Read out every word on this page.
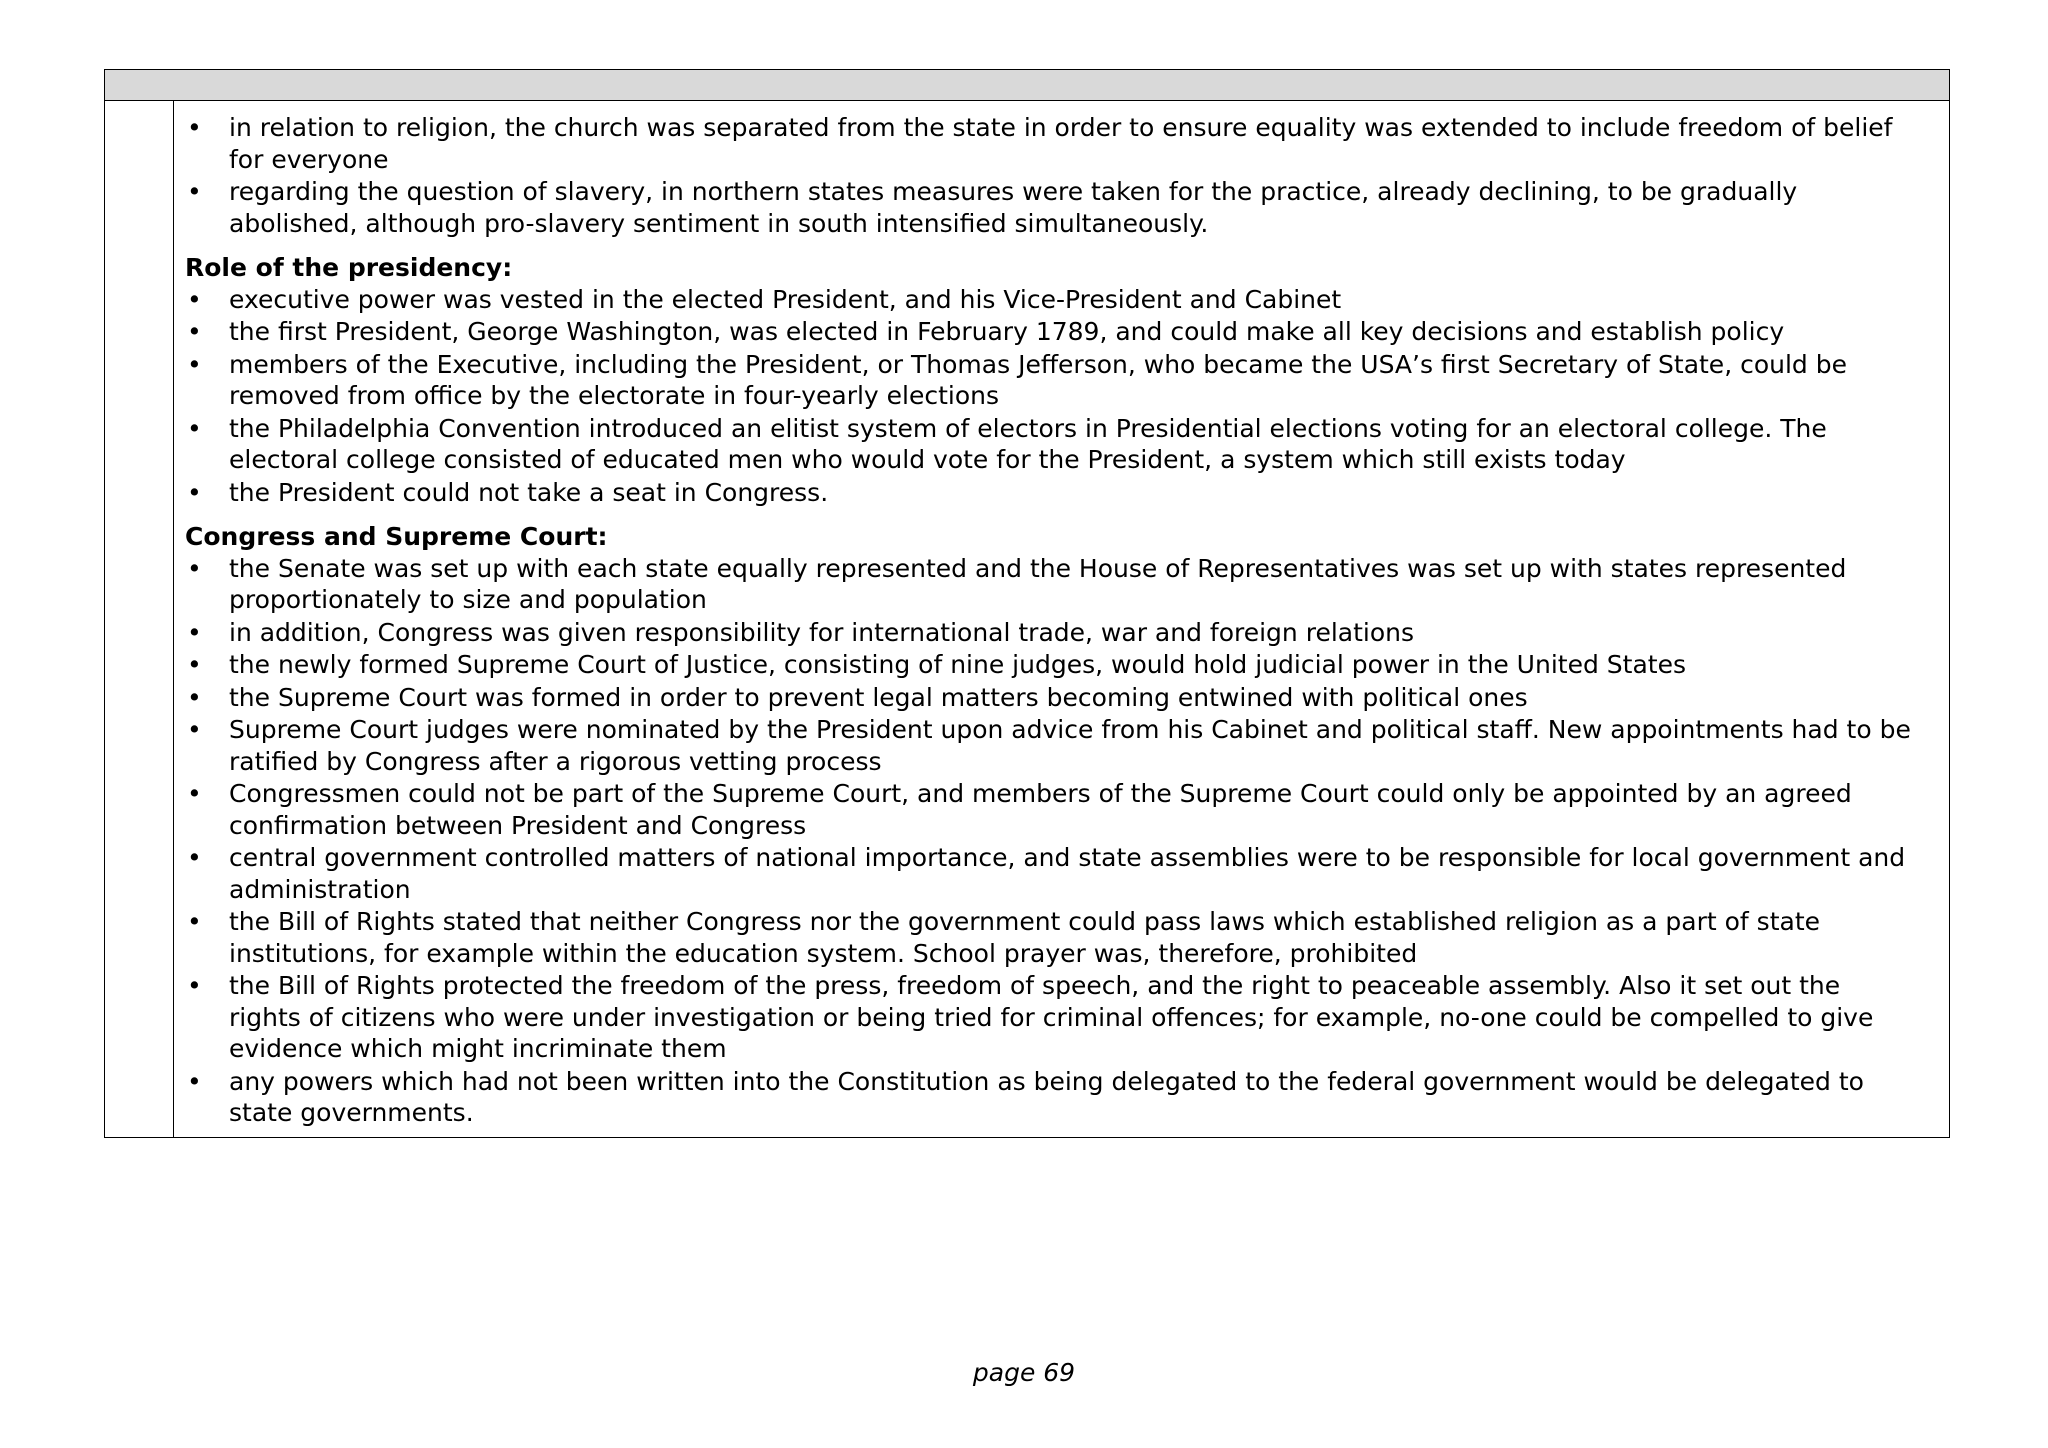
• in relation to religion, the church was separated from the state in order to ensure equality was extended to include freedom of belief for everyone
• regarding the question of slavery, in northern states measures were taken for the practice, already declining, to be gradually abolished, although pro-slavery sentiment in south intensified simultaneously.

Role of the presidency:

• executive power was vested in the elected President, and his Vice-President and Cabinet
• the first President, George Washington, was elected in February 1789, and could make all key decisions and establish policy
• members of the Executive, including the President, or Thomas Jefferson, who became the USA’s first Secretary of State, could be removed from office by the electorate in four-yearly elections
• the Philadelphia Convention introduced an elitist system of electors in Presidential elections voting for an electoral college. The electoral college consisted of educated men who would vote for the President, a system which still exists today
• the President could not take a seat in Congress.

Congress and Supreme Court:

• the Senate was set up with each state equally represented and the House of Representatives was set up with states represented proportionately to size and population
• in addition, Congress was given responsibility for international trade, war and foreign relations
• the newly formed Supreme Court of Justice, consisting of nine judges, would hold judicial power in the United States
• the Supreme Court was formed in order to prevent legal matters becoming entwined with political ones
• Supreme Court judges were nominated by the President upon advice from his Cabinet and political staff. New appointments had to be ratified by Congress after a rigorous vetting process
• Congressmen could not be part of the Supreme Court, and members of the Supreme Court could only be appointed by an agreed confirmation between President and Congress
• central government controlled matters of national importance, and state assemblies were to be responsible for local government and administration
• the Bill of Rights stated that neither Congress nor the government could pass laws which established religion as a part of state institutions, for example within the education system. School prayer was, therefore, prohibited
• the Bill of Rights protected the freedom of the press, freedom of speech, and the right to peaceable assembly. Also it set out the rights of citizens who were under investigation or being tried for criminal offences; for example, no-one could be compelled to give evidence which might incriminate them
• any powers which had not been written into the Constitution as being delegated to the federal government would be delegated to state governments.
page 69
